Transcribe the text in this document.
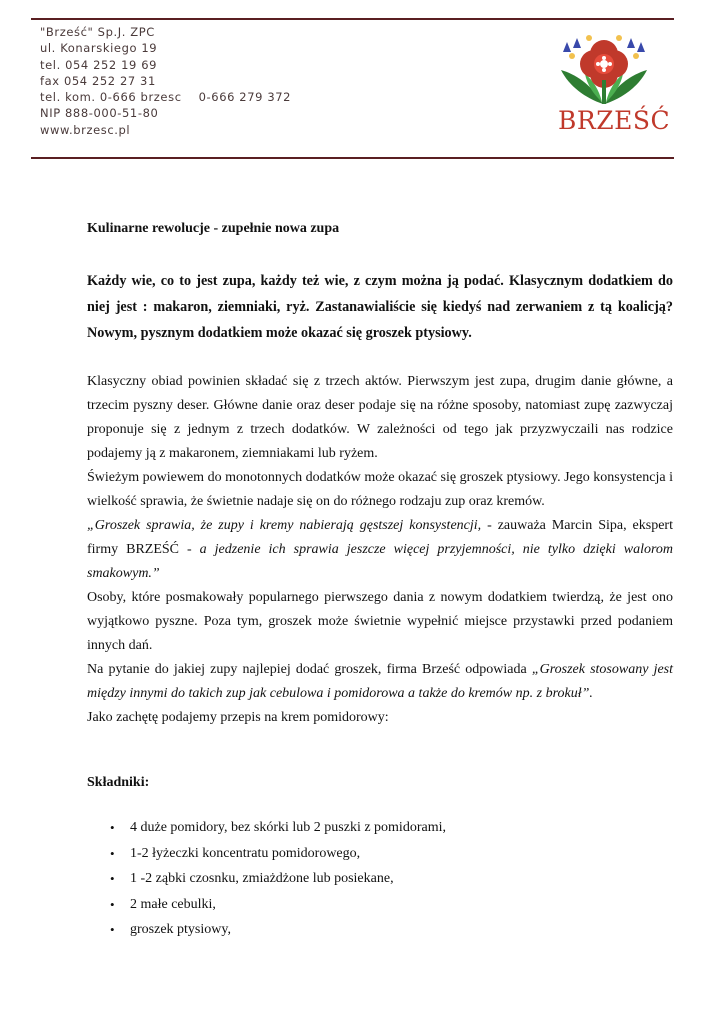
"Brześć" Sp.J. ZPC
ul. Konarskiego 19
tel. 054 252 19 69
fax 054 252 27 31
tel. kom. 0-666 brzesc    0-666 279 372
NIP 888-000-51-80
www.brzesc.pl	BRZEŚĆ
Kulinarne rewolucje - zupełnie nowa zupa
Każdy wie, co to jest zupa, każdy też wie, z czym można ją podać. Klasycznym dodatkiem do niej jest : makaron, ziemniaki, ryż. Zastanawialiście się kiedyś nad zerwaniem z tą koalicją? Nowym, pysznym dodatkiem może okazać się groszek ptysiowy.

Klasyczny obiad powinien składać się z trzech aktów. Pierwszym jest zupa, drugim danie główne, a trzecim pyszny deser. Główne danie oraz deser podaje się na różne sposoby, natomiast zupę zazwyczaj proponuje się z jednym z trzech dodatków. W zależności od tego jak przyzwyczaili nas rodzice podajemy ją z makaronem, ziemniakami lub ryżem.

Świeżym powiewem do monotonnych dodatków może okazać się groszek ptysiowy. Jego konsystencja i wielkość sprawia, że świetnie nadaje się on do różnego rodzaju zup oraz kremów.

„Groszek sprawia, że zupy i kremy nabierają gęstszej konsystencji, - zauważa Marcin Sipa, ekspert firmy BRZEŚĆ - a jedzenie ich sprawia jeszcze więcej przyjemności, nie tylko dzięki walorom smakowym.”

Osoby, które posmakowały popularnego pierwszego dania z nowym dodatkiem twierdzą, że jest ono wyjątkowo pyszne. Poza tym, groszek może świetnie wypełnić miejsce przystawki przed podaniem innych dań.

Na pytanie do jakiej zupy najlepiej dodać groszek, firma Brześć odpowiada „Groszek stosowany jest między innymi do takich zup jak cebulowa i pomidorowa a także do kremów np. z brokuł”.

Jako zachętę podajemy przepis na krem pomidorowy:

Składniki:
• 4 duże pomidory, bez skórki lub 2 puszki z pomidorami,
• 1-2 łyżeczki koncentratu pomidorowego,
• 1 -2 ząbki czosnku, zmiażdżone lub posiekane,
• 2 małe cebulki,
• groszek ptysiowy,
